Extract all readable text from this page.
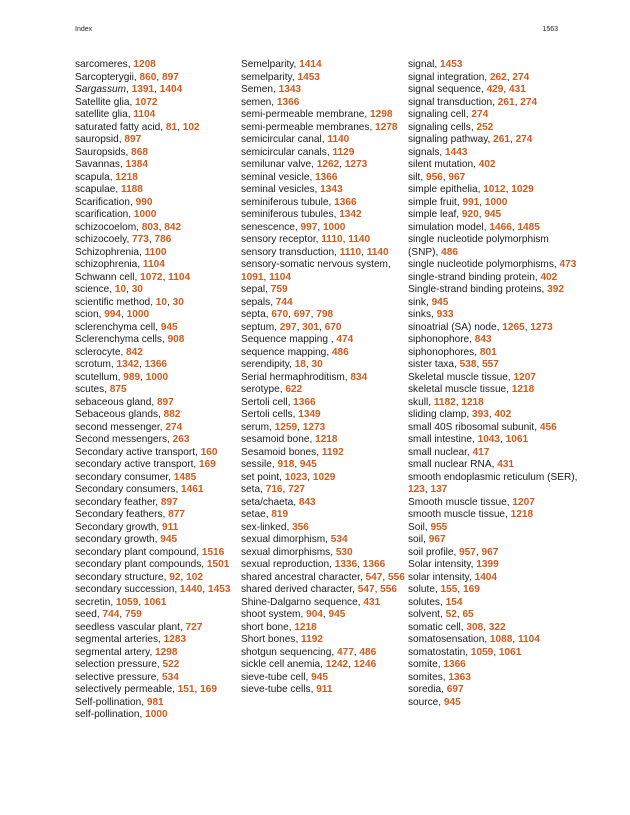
Index	1563

sarcomeres, 1208

Sarcopterygii, 860, 897

Sargassum, 1391, 1404

Satellite glia, 1072

satellite glia, 1104

saturated fatty acid, 81, 102

sauropsid, 897

Sauropsids, 868

Savannas, 1384

scapula, 1218

scapulae, 1188

Scarification, 990

scarification, 1000

schizocoelom, 803, 842

schizocoely, 773, 786

Schizophrenia, 1100

schizophrenia, 1104

Schwann cell, 1072, 1104

science, 10, 30

scientific method, 10, 30

scion, 994, 1000

sclerenchyma cell, 945

Sclerenchyma cells, 908

sclerocyte, 842

scrotum, 1342, 1366

scutellum, 989, 1000

scutes, 875

sebaceous gland, 897

Sebaceous glands, 882

second messenger, 274

Second messengers, 263

Secondary active transport, 160

secondary active transport, 169

secondary consumer, 1485

Secondary consumers, 1461

secondary feather, 897

Secondary feathers, 877

Secondary growth, 911

secondary growth, 945

secondary plant compound, 1516

secondary plant compounds, 1501

secondary structure, 92, 102

secondary succession, 1440, 1453

secretin, 1059, 1061

seed, 744, 759

seedless vascular plant, 727

segmental arteries, 1283

segmental artery, 1298

selection pressure, 522

selective pressure, 534

selectively permeable, 151, 169

Self-pollination, 981

self-pollination, 1000

Semelparity, 1414

semelparity, 1453

Semen, 1343

semen, 1366

semi-permeable membrane, 1298

semi-permeable membranes, 1278

semicircular canal, 1140

semicircular canals, 1129

semilunar valve, 1262, 1273

seminal vesicle, 1366

seminal vesicles, 1343

seminiferous tubule, 1366

seminiferous tubules, 1342

senescence, 997, 1000

sensory receptor, 1110, 1140

sensory transduction, 1110, 1140

sensory-somatic nervous system, 1091, 1104

sepal, 759

sepals, 744

septa, 670, 697, 798

septum, 297, 301, 670

Sequence mapping , 474

sequence mapping, 486

serendipity, 18, 30

Serial hermaphroditism, 834

serotype, 622

Sertoli cell, 1366

Sertoli cells, 1349

serum, 1259, 1273

sesamoid bone, 1218

Sesamoid bones, 1192

sessile, 918, 945

set point, 1023, 1029

seta, 716, 727

seta/chaeta, 843

setae, 819

sex-linked, 356

sexual dimorphism, 534

sexual dimorphisms, 530

sexual reproduction, 1336, 1366

shared ancestral character, 547, 556

shared derived character, 547, 556

Shine-Dalgarno sequence, 431

shoot system, 904, 945

short bone, 1218

Short bones, 1192

shotgun sequencing, 477, 486

sickle cell anemia, 1242, 1246

sieve-tube cell, 945

sieve-tube cells, 911

signal, 1453

signal integration, 262, 274

signal sequence, 429, 431

signal transduction, 261, 274

signaling cell, 274

signaling cells, 252

signaling pathway, 261, 274

signals, 1443

silent mutation, 402

silt, 956, 967

simple epithelia, 1012, 1029

simple fruit, 991, 1000

simple leaf, 920, 945

simulation model, 1466, 1485

single nucleotide polymorphism (SNP), 486

single nucleotide polymorphisms, 473

single-strand binding protein, 402

Single-strand binding proteins, 392

sink, 945

sinks, 933

sinoatrial (SA) node, 1265, 1273

siphonophore, 843

siphonophores, 801

sister taxa, 538, 557

Skeletal muscle tissue, 1207

skeletal muscle tissue, 1218

skull, 1182, 1218

sliding clamp, 393, 402

small 40S ribosomal subunit, 456

small intestine, 1043, 1061

small nuclear, 417

small nuclear RNA, 431

smooth endoplasmic reticulum (SER), 123, 137

Smooth muscle tissue, 1207

smooth muscle tissue, 1218

Soil, 955

soil, 967

soil profile, 957, 967

Solar intensity, 1399

solar intensity, 1404

solute, 155, 169

solutes, 154

solvent, 52, 65

somatic cell, 308, 322

somatosensation, 1088, 1104

somatostatin, 1059, 1061

somite, 1366

somites, 1363

soredia, 697

source, 945
